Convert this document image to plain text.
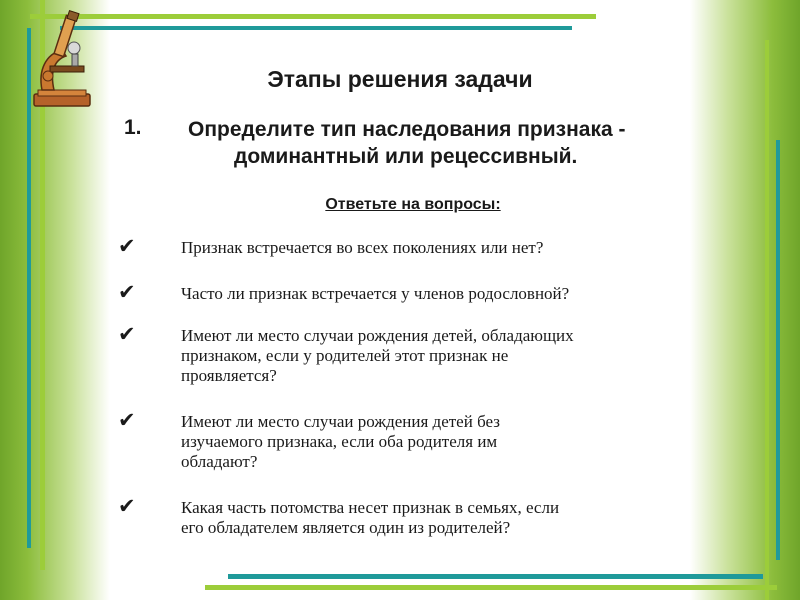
Этапы решения задачи
1. Определите тип наследования признака -
доминантный или рецессивный.
Ответьте на вопросы:
✔	Признак встречается во всех поколениях или нет?
✔	Часто ли признак встречается у членов родословной?
✔	Имеют ли место случаи рождения детей, обладающих
признаком, если у родителей этот признак не
проявляется?
✔	Имеют ли место случаи рождения детей без
изучаемого признака, если оба родителя им
обладают?
✔	Какая часть потомства несет признак в семьях, если
его обладателем является один из родителей?
